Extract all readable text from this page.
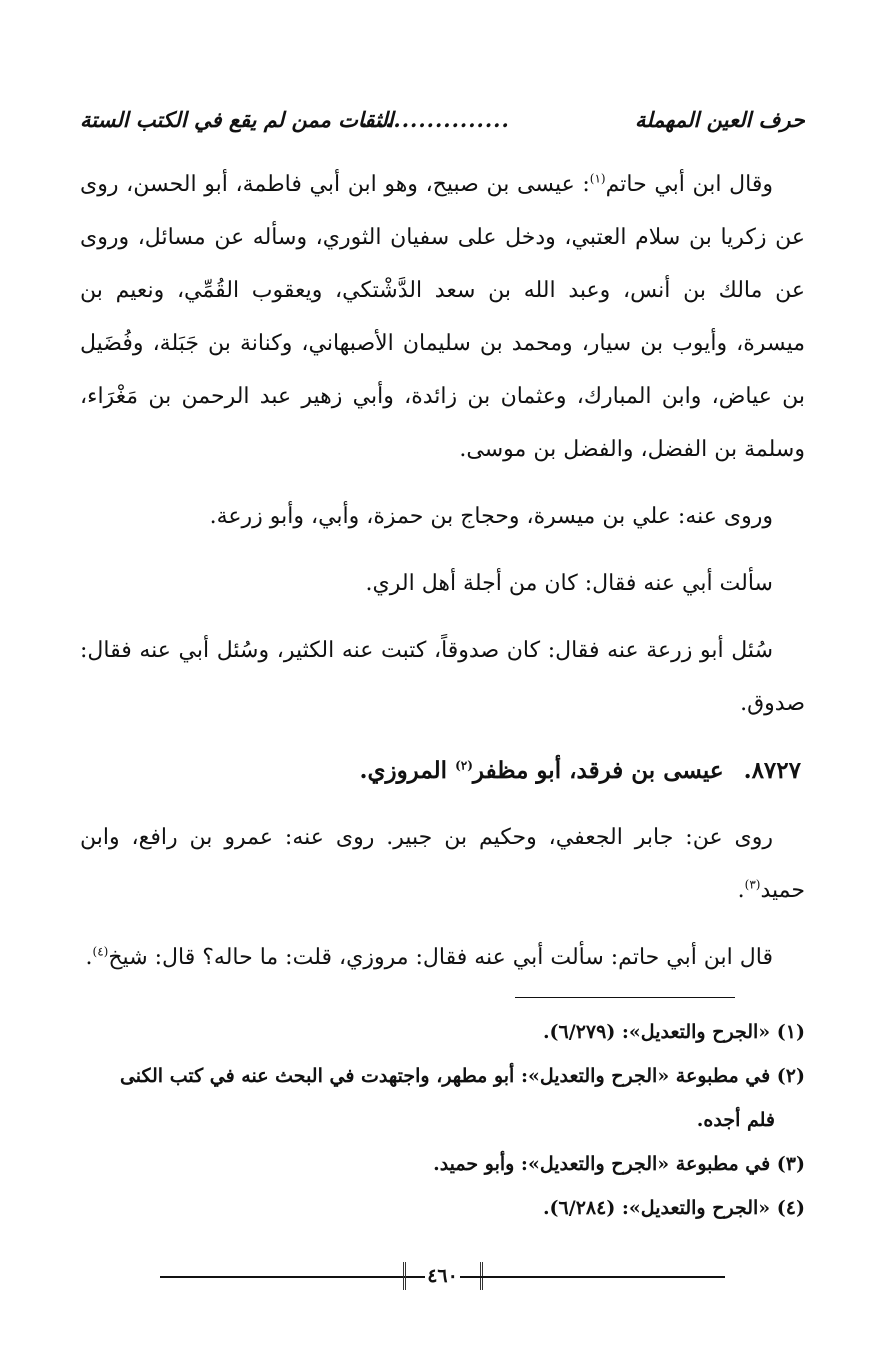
حرف العين المهملة
..................
الثقات ممن لم يقع في الكتب الستة

وقال ابن أبي حاتم$^{(١)}$: عيسى بن صبيح، وهو ابن أبي فاطمة، أبو الحسن، روى عن زكريا بن سلام العتبي، ودخل على سفيان الثوري، وسأله عن مسائل، وروى عن مالك بن أنس، وعبد الله بن سعد الدَّشْتكي، ويعقوب القُمِّي، ونعيم بن ميسرة، وأيوب بن سيار، ومحمد بن سليمان الأصبهاني، وكنانة بن جَبَلة، وفُضَيل بن عياض، وابن المبارك، وعثمان بن زائدة، وأبي زهير عبد الرحمن بن مَغْرَاء، وسلمة بن الفضل، والفضل بن موسى.

وروى عنه: علي بن ميسرة، وحجاج بن حمزة، وأبي، وأبو زرعة.

سألت أبي عنه فقال: كان من أجلة أهل الري.

سُئل أبو زرعة عنه فقال: كان صدوقاً، كتبت عنه الكثير، وسُئل أبي عنه فقال: صدوق.

٨٧٢٧.عيسى بن فرقد، أبو مظفر$^{(٢)}$ المروزي.

روى عن: جابر الجعفي، وحكيم بن جبير. روى عنه: عمرو بن رافع، وابن حميد$^{(٣)}$.

قال ابن أبي حاتم: سألت أبي عنه فقال: مروزي، قلت: ما حاله؟ قال: شيخ$^{(٤)}$.

(١) «الجرح والتعديل»: (٦/٢٧٩).

(٢) في مطبوعة «الجرح والتعديل»: أبو مطهر، واجتهدت في البحث عنه في كتب الكنى

فلم أجده.

(٣) في مطبوعة «الجرح والتعديل»: وأبو حميد.

(٤) «الجرح والتعديل»: (٦/٢٨٤).

٤٦٠
